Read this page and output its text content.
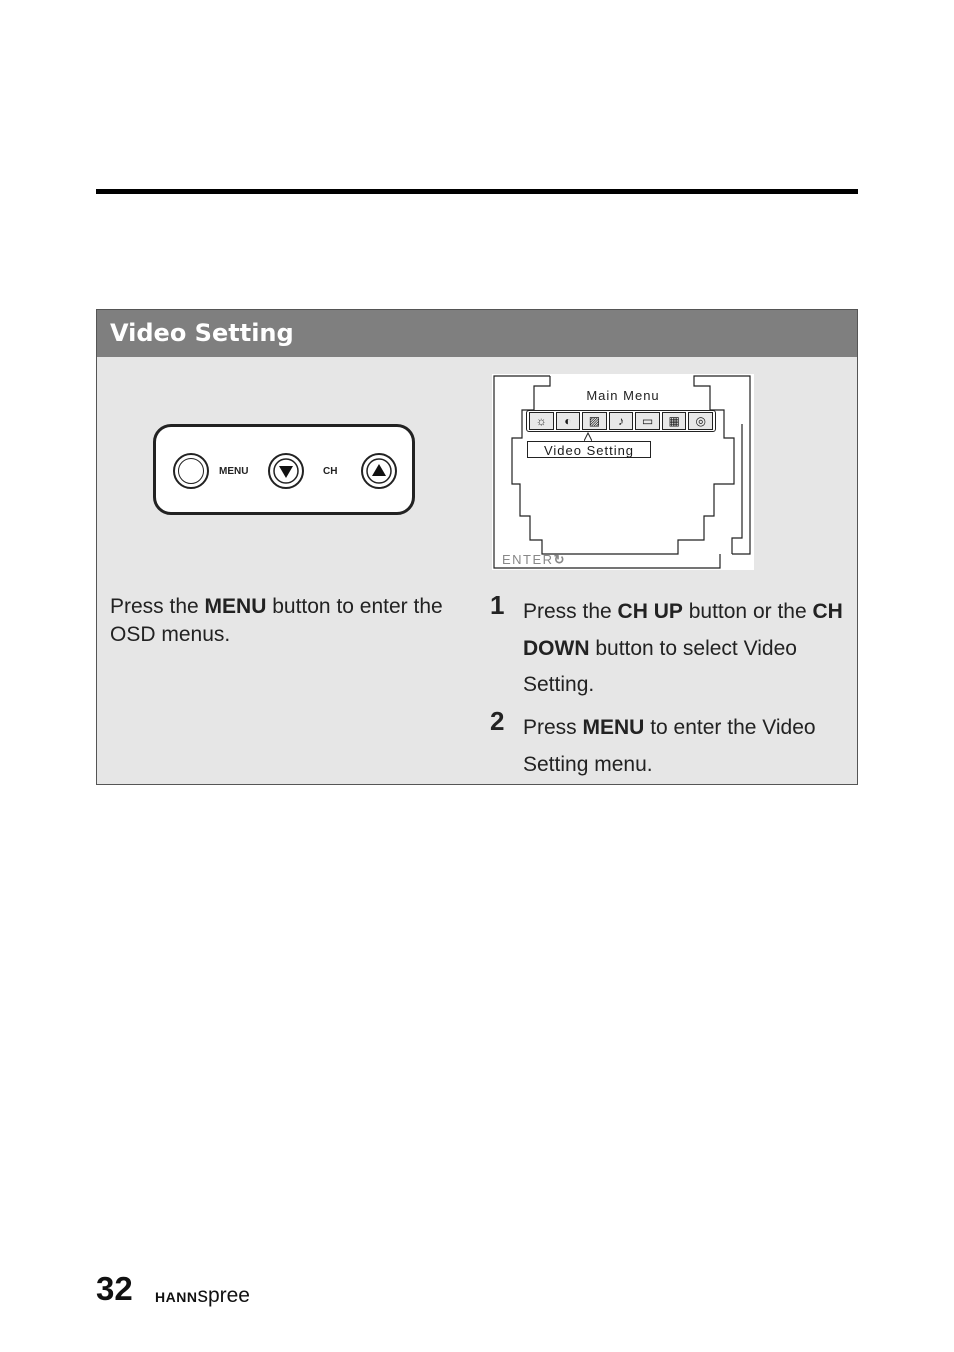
Video Setting
MENU	CH
Main Menu
☼	◐	▨	♪	▭	▦	◎
Video Setting
ENTER↻
Press the MENU button to enter the OSD menus.
1 Press the CH UP button or the CH DOWN button to select Video Setting.
2 Press MENU to enter the Video Setting menu.
32 HANNspree
